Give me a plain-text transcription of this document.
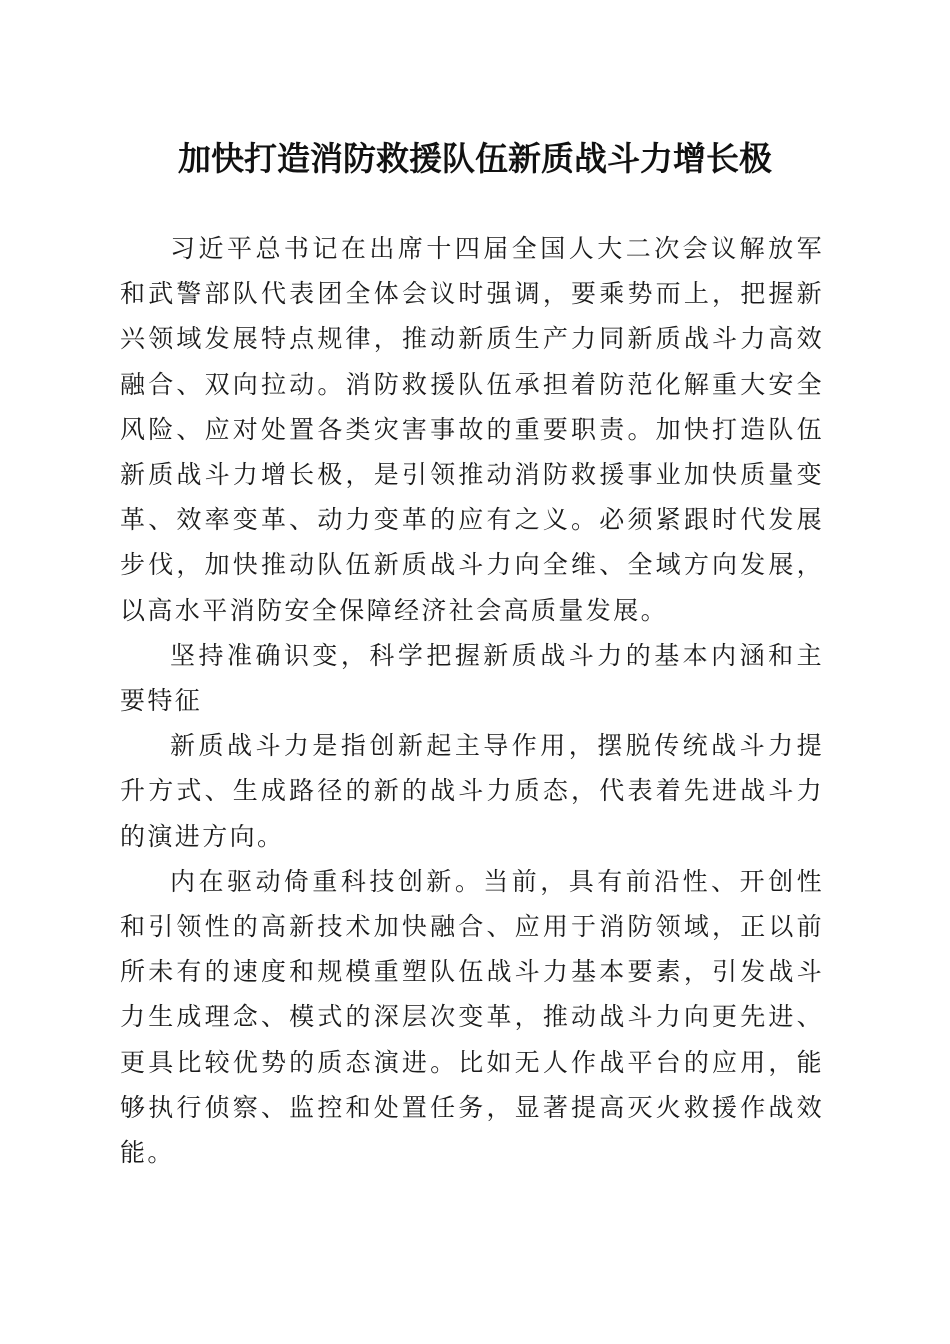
加快打造消防救援队伍新质战斗力增长极

习近平总书记在出席十四届全国人大二次会议解放军和武警部队代表团全体会议时强调，要乘势而上，把握新兴领域发展特点规律，推动新质生产力同新质战斗力高效融合、双向拉动。消防救援队伍承担着防范化解重大安全风险、应对处置各类灾害事故的重要职责。加快打造队伍新质战斗力增长极，是引领推动消防救援事业加快质量变革、效率变革、动力变革的应有之义。必须紧跟时代发展步伐，加快推动队伍新质战斗力向全维、全域方向发展，以高水平消防安全保障经济社会高质量发展。

坚持准确识变，科学把握新质战斗力的基本内涵和主要特征

新质战斗力是指创新起主导作用，摆脱传统战斗力提升方式、生成路径的新的战斗力质态，代表着先进战斗力的演进方向。

内在驱动倚重科技创新。当前，具有前沿性、开创性和引领性的高新技术加快融合、应用于消防领域，正以前所未有的速度和规模重塑队伍战斗力基本要素，引发战斗力生成理念、模式的深层次变革，推动战斗力向更先进、更具比较优势的质态演进。比如无人作战平台的应用，能够执行侦察、监控和处置任务，显著提高灭火救援作战效能。
